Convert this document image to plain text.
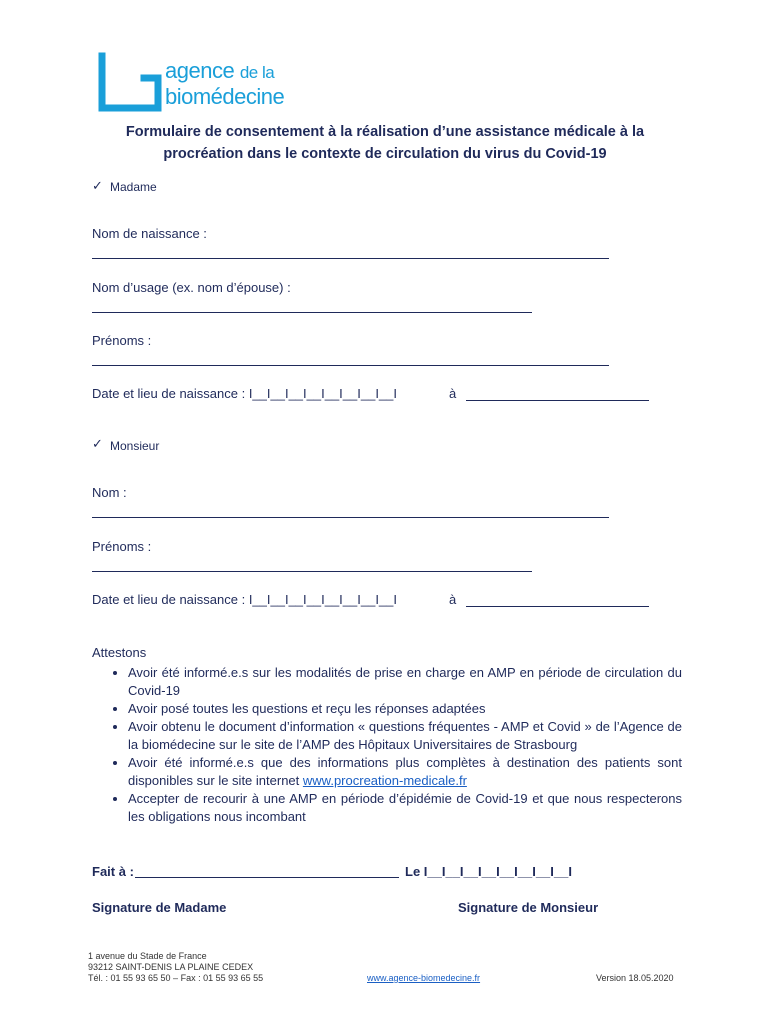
agence de la
biomédecine
Formulaire de consentement à la réalisation d’une assistance médicale à la
procréation dans le contexte de circulation du virus du Covid-19
✓ Madame
Nom de naissance :
Nom d’usage (ex. nom d’épouse) :
Prénoms :
Date et lieu de naissance : I__I__I__I__I__I__I__I__I	à
✓ Monsieur
Nom :
Prénoms :
Date et lieu de naissance : I__I__I__I__I__I__I__I__I	à
Attestons
• Avoir été informé.e.s sur les modalités de prise en charge en AMP en période de circulation du Covid-19
• Avoir posé toutes les questions et reçu les réponses adaptées
• Avoir obtenu le document d’information « questions fréquentes - AMP et Covid » de l’Agence de la biomédecine sur le site de l’AMP des Hôpitaux Universitaires de Strasbourg
• Avoir été informé.e.s que des informations plus complètes à destination des patients sont disponibles sur le site internet www.procreation-medicale.fr
• Accepter de recourir à une AMP en période d’épidémie de Covid-19 et que nous respecterons les obligations nous incombant
Fait à :	Le I__I__I__I__I__I__I__I__I
Signature de Madame	Signature de Monsieur
1 avenue du Stade de France
93212 SAINT-DENIS LA PLAINE CEDEX
Tél. : 01 55 93 65 50 – Fax : 01 55 93 65 55	www.agence-biomedecine.fr	Version 18.05.2020
